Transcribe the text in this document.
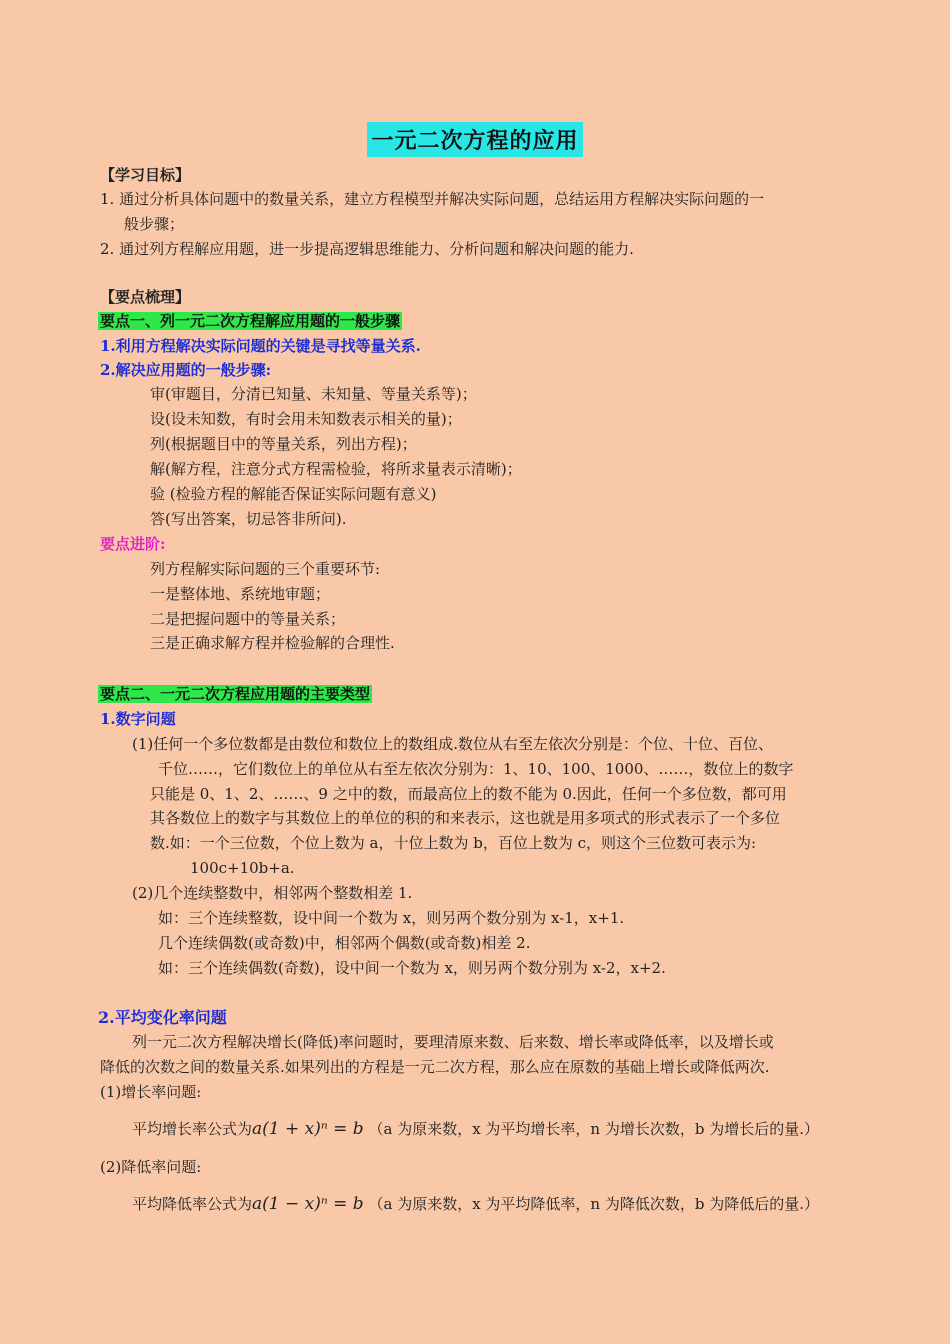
一元二次方程的应用
【学习目标】
1. 通过分析具体问题中的数量关系，建立方程模型并解决实际问题，总结运用方程解决实际问题的一
般步骤；
2. 通过列方程解应用题，进一步提高逻辑思维能力、分析问题和解决问题的能力.
【要点梳理】
要点一、列一元二次方程解应用题的一般步骤
1.利用方程解决实际问题的关键是寻找等量关系.
2.解决应用题的一般步骤:
审(审题目，分清已知量、未知量、等量关系等)；
设(设未知数，有时会用未知数表示相关的量)；
列(根据题目中的等量关系，列出方程)；
解(解方程，注意分式方程需检验，将所求量表示清晰)；
验 (检验方程的解能否保证实际问题有意义)
答(写出答案，切忌答非所问).
要点进阶:
列方程解实际问题的三个重要环节:
一是整体地、系统地审题；
二是把握问题中的等量关系；
三是正确求解方程并检验解的合理性.
要点二、一元二次方程应用题的主要类型
1.数字问题
(1)任何一个多位数都是由数位和数位上的数组成.数位从右至左依次分别是：个位、十位、百位、
千位……，它们数位上的单位从右至左依次分别为：1、10、100、1000、……，数位上的数字
只能是 0、1、2、……、9 之中的数，而最高位上的数不能为 0.因此，任何一个多位数，都可用
其各数位上的数字与其数位上的单位的积的和来表示，这也就是用多项式的形式表示了一个多位
数.如：一个三位数，个位上数为 a，十位上数为 b，百位上数为 c，则这个三位数可表示为:
100c+10b+a.
(2)几个连续整数中，相邻两个整数相差 1.
如：三个连续整数，设中间一个数为 x，则另两个数分别为 x-1，x+1.
几个连续偶数(或奇数)中，相邻两个偶数(或奇数)相差 2.
如：三个连续偶数(奇数)，设中间一个数为 x，则另两个数分别为 x-2，x+2.
2.平均变化率问题
列一元二次方程解决增长(降低)率问题时，要理清原来数、后来数、增长率或降低率，以及增长或
降低的次数之间的数量关系.如果列出的方程是一元二次方程，那么应在原数的基础上增长或降低两次.
(1)增长率问题:
平均增长率公式为a(1 + x)ⁿ = b （a 为原来数，x 为平均增长率，n 为增长次数，b 为增长后的量.）
(2)降低率问题:
平均降低率公式为a(1 − x)ⁿ = b （a 为原来数，x 为平均降低率，n 为降低次数，b 为降低后的量.）
